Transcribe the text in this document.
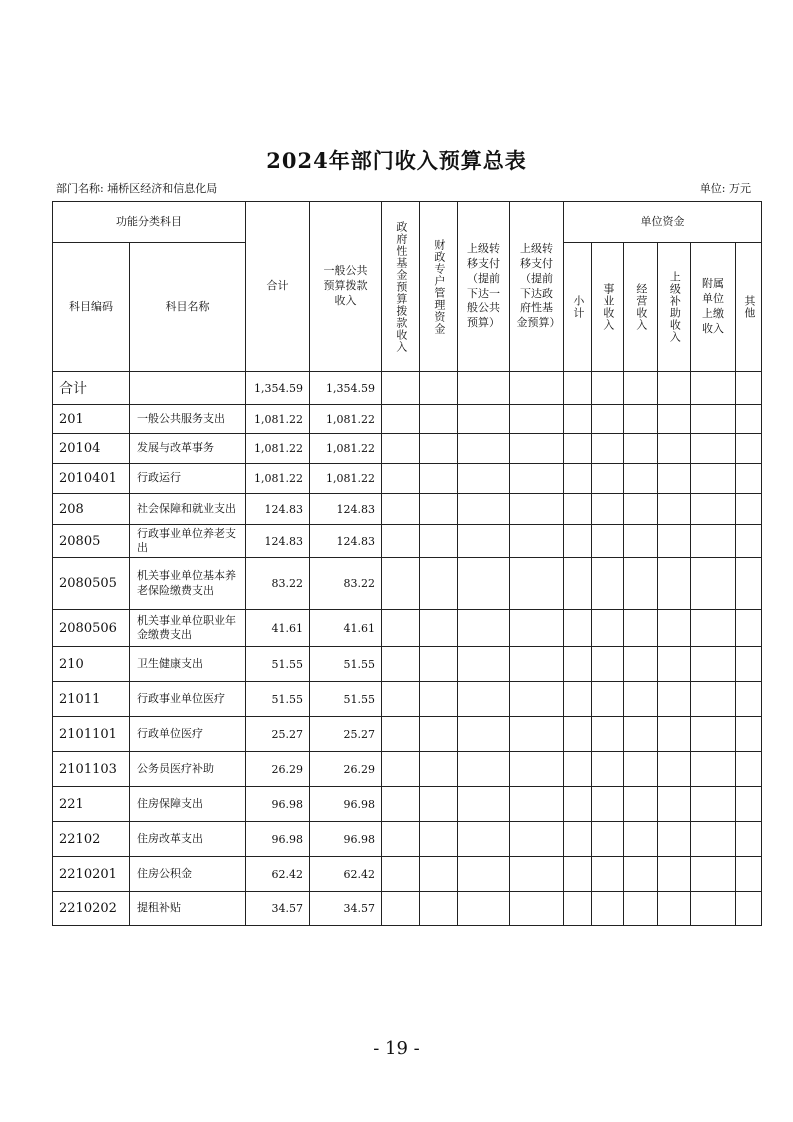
2024年部门收入预算总表
部门名称: 埇桥区经济和信息化局	单位: 万元
功能分类科目		合计	一般公共预算拨款收入	政府性基金预算拨款收入	财政专户管理资金	上级转移支付（提前下达一般公共预算）	上级转移支付（提前下达政府性基金预算）	单位资金					
科目编码	科目名称							小计	事业收入	经营收入	上级补助收入	附属单位上缴收入	其他

合计		1,354.59	1,354.59										
201	一般公共服务支出	1,081.22	1,081.22										
20104	发展与改革事务	1,081.22	1,081.22										
2010401	行政运行	1,081.22	1,081.22										
208	社会保障和就业支出	124.83	124.83										
20805	行政事业单位养老支出	124.83	124.83										
2080505	机关事业单位基本养老保险缴费支出	83.22	83.22										
2080506	机关事业单位职业年金缴费支出	41.61	41.61										
210	卫生健康支出	51.55	51.55										
21011	行政事业单位医疗	51.55	51.55										
2101101	行政单位医疗	25.27	25.27										
2101103	公务员医疗补助	26.29	26.29										
221	住房保障支出	96.98	96.98										
22102	住房改革支出	96.98	96.98										
2210201	住房公积金	62.42	62.42										
2210202	提租补贴	34.57	34.57										
- 19 -
